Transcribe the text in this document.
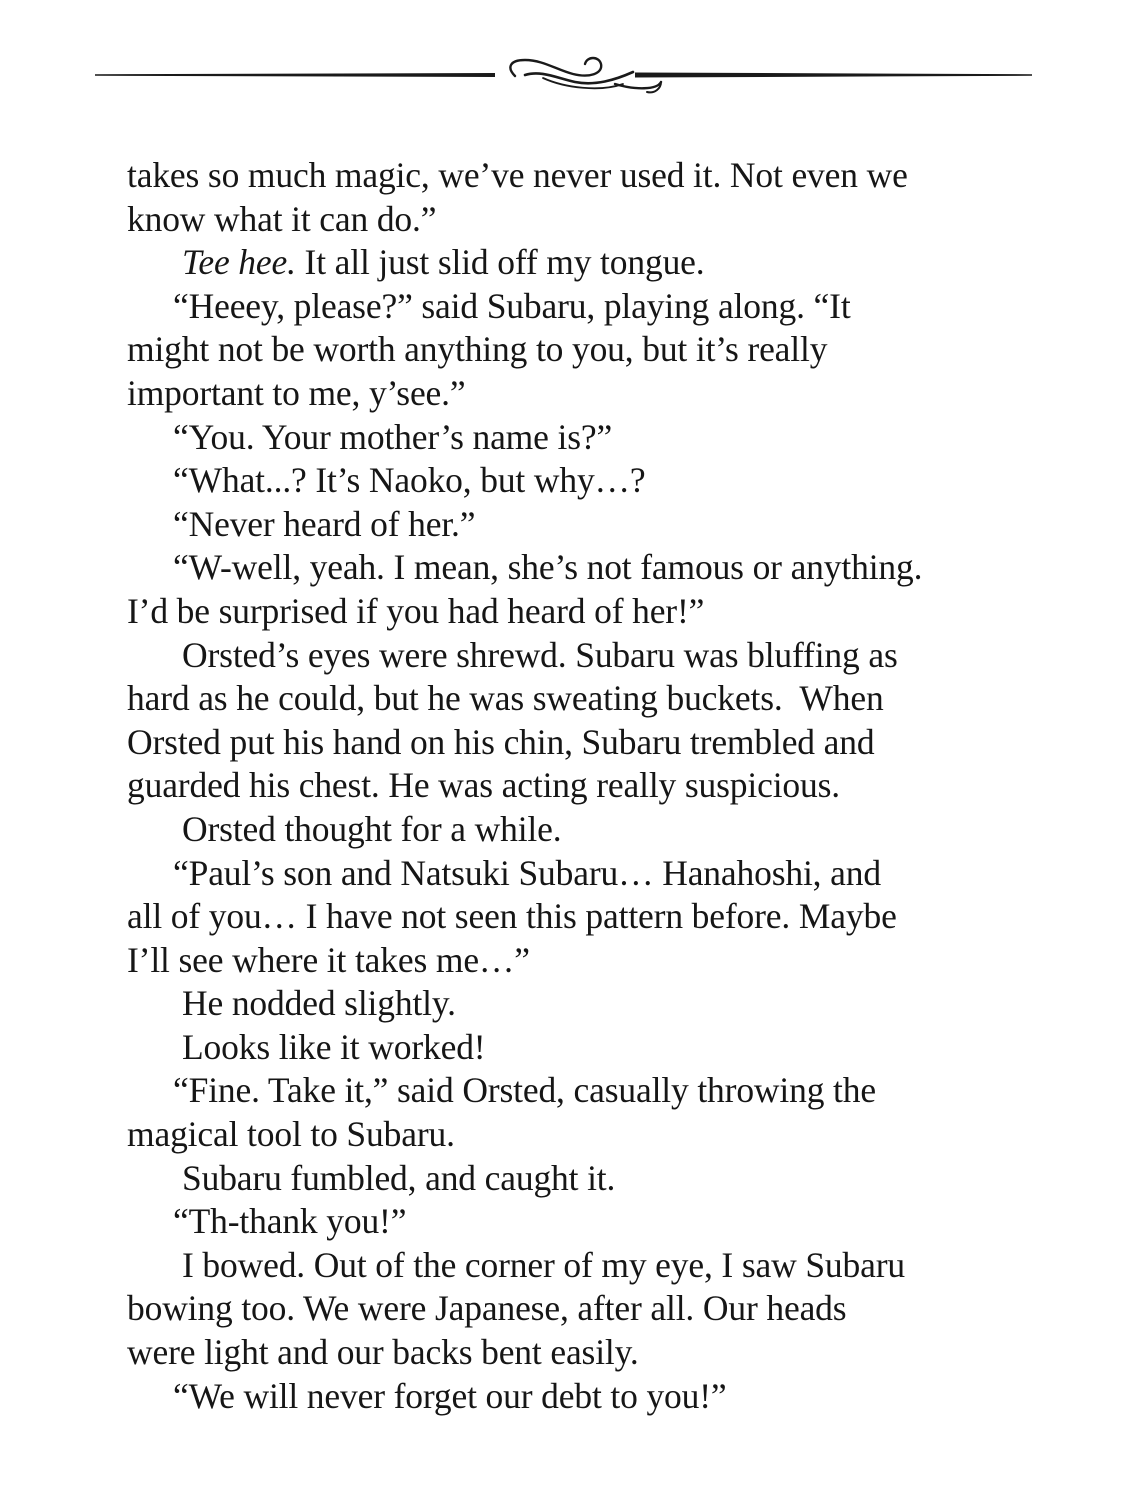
takes so much magic, we’ve never used it. Not even we
know what it can do.”
Tee hee. It all just slid off my tongue.
“Heeey, please?” said Subaru, playing along. “It
might not be worth anything to you, but it’s really
important to me, y’see.”
“You. Your mother’s name is?”
“What...? It’s Naoko, but why…?
“Never heard of her.”
“W-well, yeah. I mean, she’s not famous or anything.
I’d be surprised if you had heard of her!”
Orsted’s eyes were shrewd. Subaru was bluffing as
hard as he could, but he was sweating buckets.  When
Orsted put his hand on his chin, Subaru trembled and
guarded his chest. He was acting really suspicious.
Orsted thought for a while.
“Paul’s son and Natsuki Subaru… Hanahoshi, and
all of you… I have not seen this pattern before. Maybe
I’ll see where it takes me…”
He nodded slightly.
Looks like it worked!
“Fine. Take it,” said Orsted, casually throwing the
magical tool to Subaru.
Subaru fumbled, and caught it.
“Th-thank you!”
I bowed. Out of the corner of my eye, I saw Subaru
bowing too. We were Japanese, after all. Our heads
were light and our backs bent easily.
“We will never forget our debt to you!”
